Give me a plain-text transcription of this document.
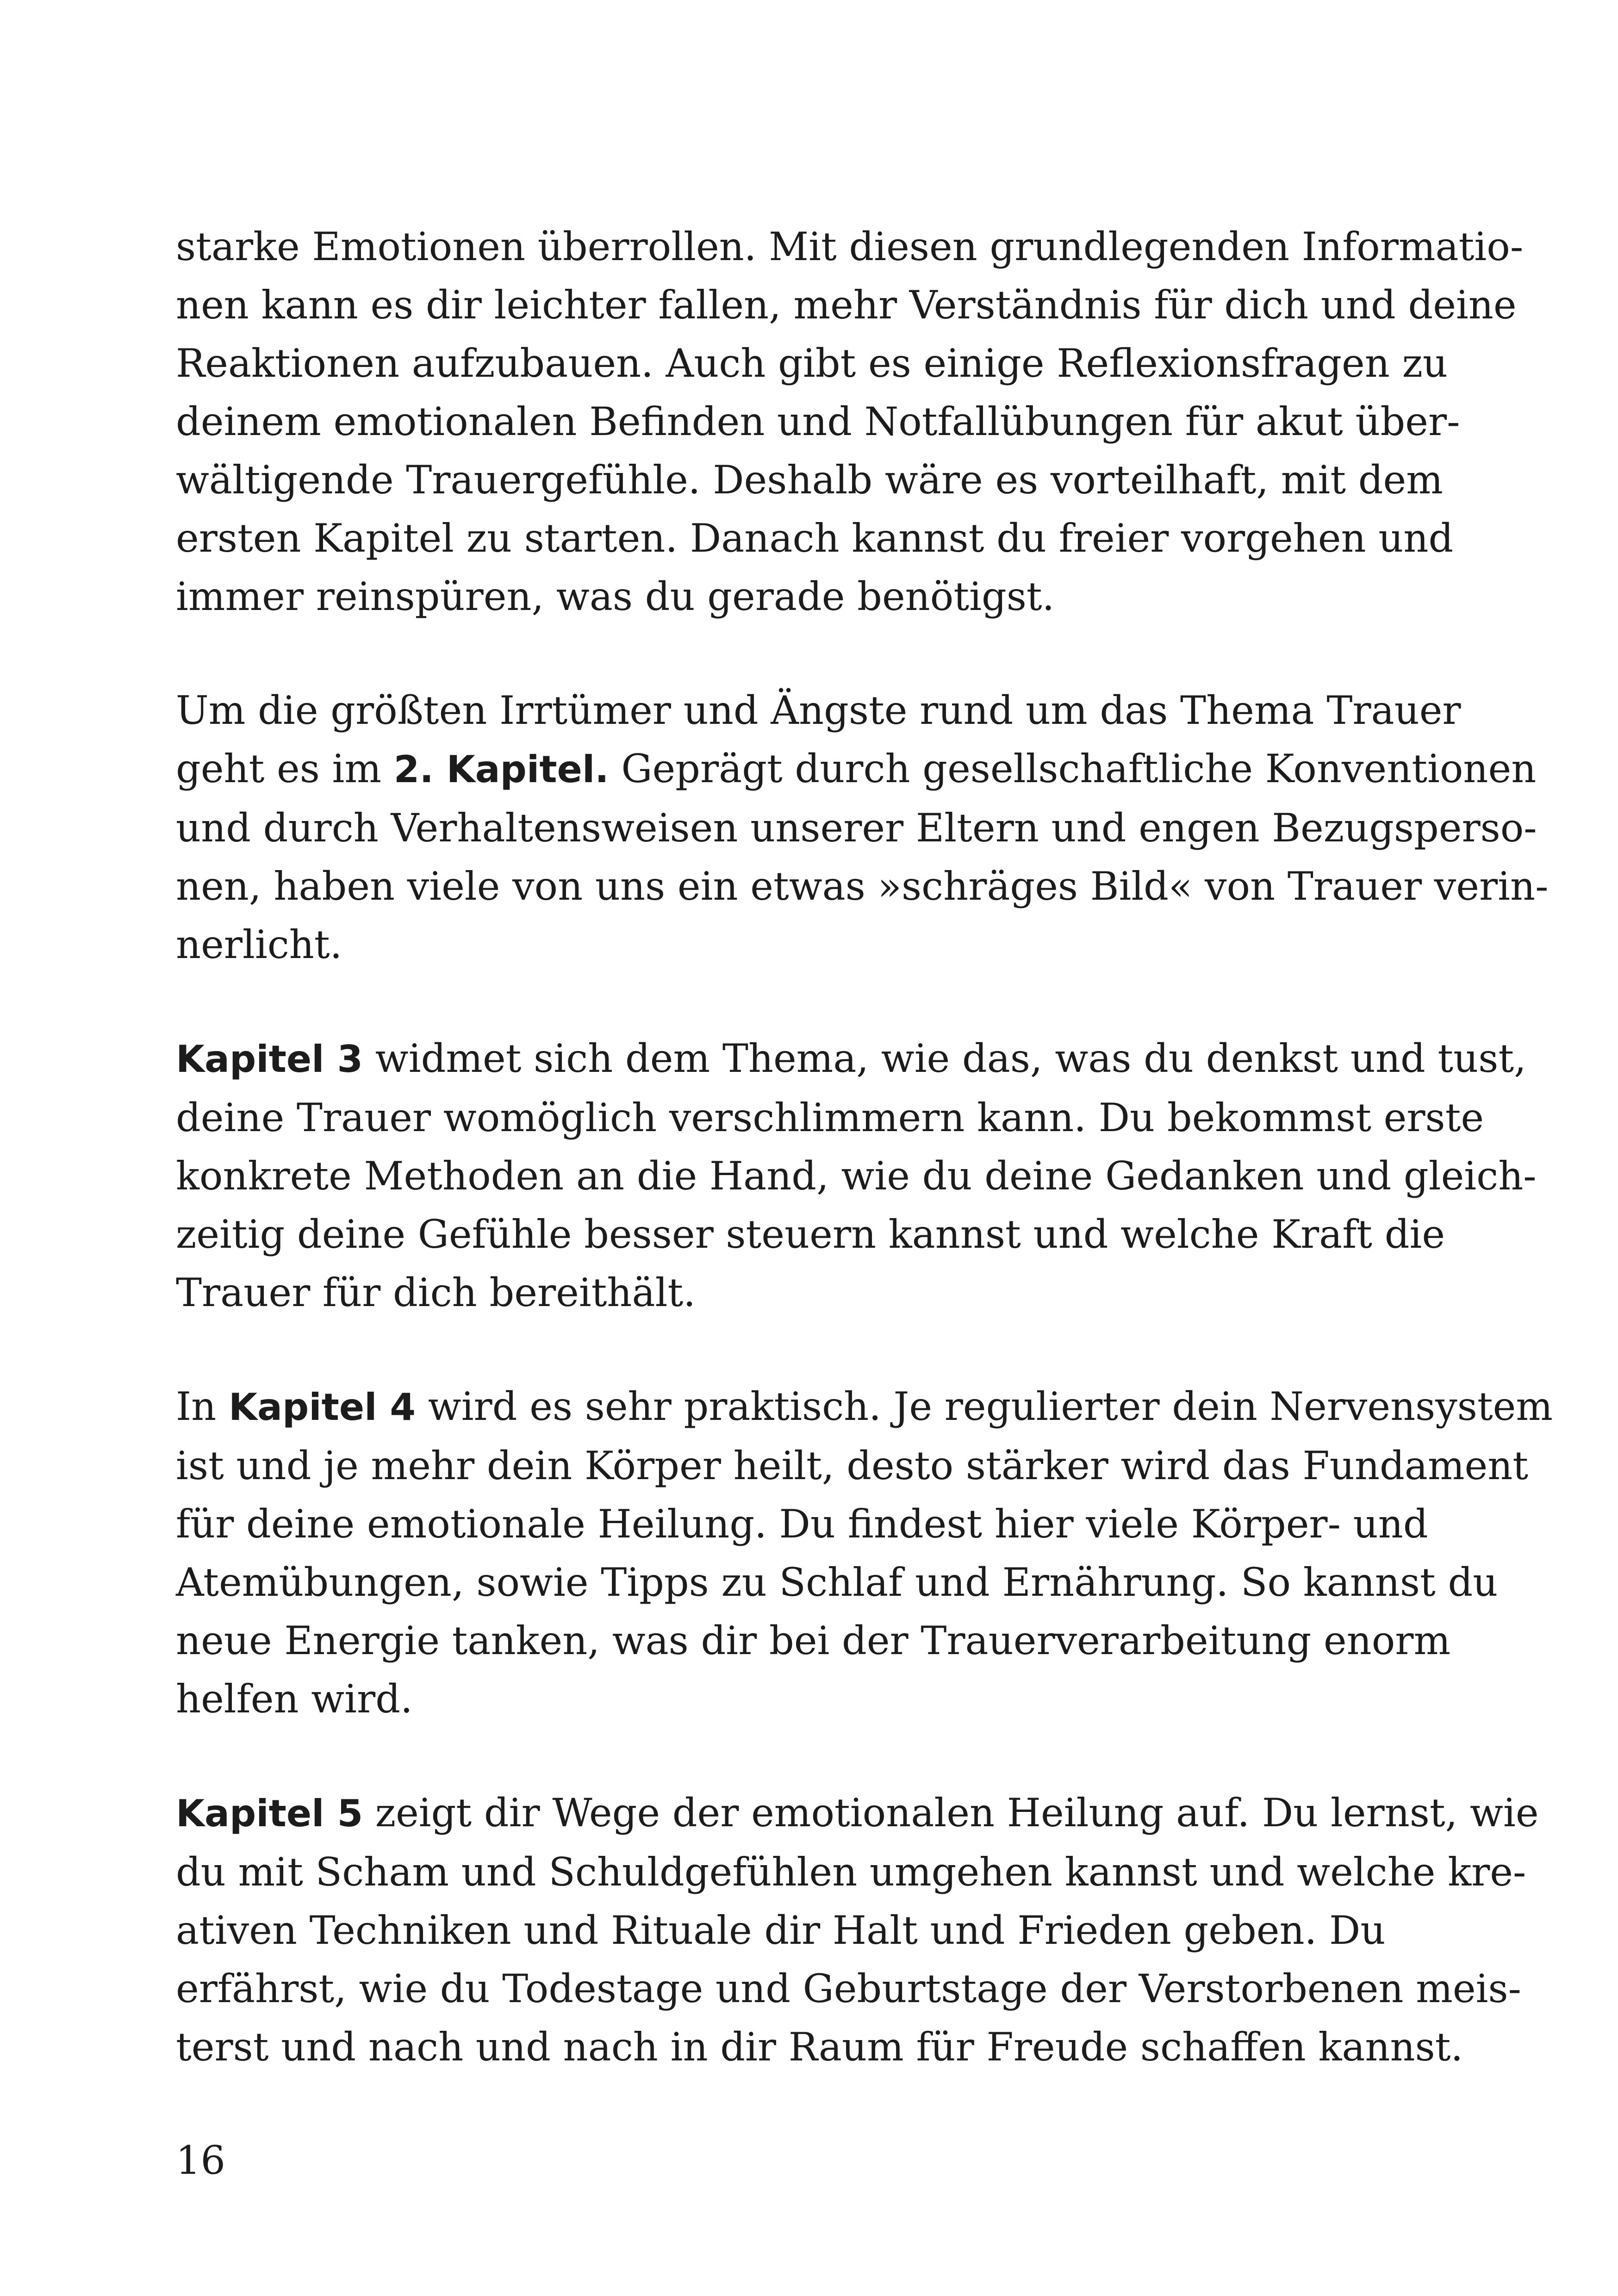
starke Emotionen überrollen. Mit diesen grundlegenden Informatio-
nen kann es dir leichter fallen, mehr Verständnis für dich und deine
Reaktionen aufzubauen. Auch gibt es einige Reflexionsfragen zu
deinem emotionalen Befinden und Notfallübungen für akut über-
wältigende Trauergefühle. Deshalb wäre es vorteilhaft, mit dem
ersten Kapitel zu starten. Danach kannst du freier vorgehen und
immer reinspüren, was du gerade benötigst.

Um die größten Irrtümer und Ängste rund um das Thema Trauer
geht es im 2. Kapitel. Geprägt durch gesellschaftliche Konventionen
und durch Verhaltensweisen unserer Eltern und engen Bezugsperso-
nen, haben viele von uns ein etwas »schräges Bild« von Trauer verin-
nerlicht.

Kapitel 3 widmet sich dem Thema, wie das, was du denkst und tust,
deine Trauer womöglich verschlimmern kann. Du bekommst erste
konkrete Methoden an die Hand, wie du deine Gedanken und gleich-
zeitig deine Gefühle besser steuern kannst und welche Kraft die
Trauer für dich bereithält.

In Kapitel 4 wird es sehr praktisch. Je regulierter dein Nervensystem
ist und je mehr dein Körper heilt, desto stärker wird das Fundament
für deine emotionale Heilung. Du findest hier viele Körper- und
Atemübungen, sowie Tipps zu Schlaf und Ernährung. So kannst du
neue Energie tanken, was dir bei der Trauerverarbeitung enorm
helfen wird.

Kapitel 5 zeigt dir Wege der emotionalen Heilung auf. Du lernst, wie
du mit Scham und Schuldgefühlen umgehen kannst und welche kre-
ativen Techniken und Rituale dir Halt und Frieden geben. Du
erfährst, wie du Todestage und Geburtstage der Verstorbenen meis-
terst und nach und nach in dir Raum für Freude schaffen kannst.

16
